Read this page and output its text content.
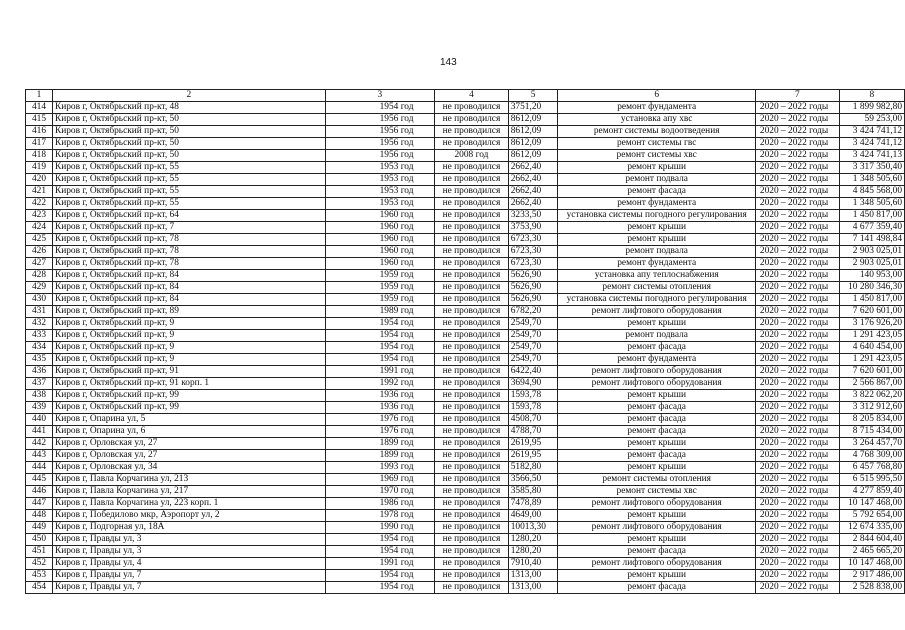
143
1	2	3	4	5	6	7	8
414	Киров г, Октябрьский пр-кт, 48	1954 год	не проводился	3751,20	ремонт фундамента	2020 – 2022 годы	1 899 982,80
415	Киров г, Октябрьский пр-кт, 50	1956 год	не проводился	8612,09	установка апу хвс	2020 – 2022 годы	59 253,00
416	Киров г, Октябрьский пр-кт, 50	1956 год	не проводился	8612,09	ремонт системы водоотведения	2020 – 2022 годы	3 424 741,12
417	Киров г, Октябрьский пр-кт, 50	1956 год	не проводился	8612,09	ремонт системы гвс	2020 – 2022 годы	3 424 741,12
418	Киров г, Октябрьский пр-кт, 50	1956 год	2008 год	8612,09	ремонт системы хвс	2020 – 2022 годы	3 424 741,13
419	Киров г, Октябрьский пр-кт, 55	1953 год	не проводился	2662,40	ремонт крыши	2020 – 2022 годы	3 317 350,40
420	Киров г, Октябрьский пр-кт, 55	1953 год	не проводился	2662,40	ремонт подвала	2020 – 2022 годы	1 348 505,60
421	Киров г, Октябрьский пр-кт, 55	1953 год	не проводился	2662,40	ремонт фасада	2020 – 2022 годы	4 845 568,00
422	Киров г, Октябрьский пр-кт, 55	1953 год	не проводился	2662,40	ремонт фундамента	2020 – 2022 годы	1 348 505,60
423	Киров г, Октябрьский пр-кт, 64	1960 год	не проводился	3233,50	установка системы погодного регулирования	2020 – 2022 годы	1 450 817,00
424	Киров г, Октябрьский пр-кт, 7	1960 год	не проводился	3753,90	ремонт крыши	2020 – 2022 годы	4 677 359,40
425	Киров г, Октябрьский пр-кт, 78	1960 год	не проводился	6723,30	ремонт крыши	2020 – 2022 годы	7 141 498,84
426	Киров г, Октябрьский пр-кт, 78	1960 год	не проводился	6723,30	ремонт подвала	2020 – 2022 годы	2 903 025,01
427	Киров г, Октябрьский пр-кт, 78	1960 год	не проводился	6723,30	ремонт фундамента	2020 – 2022 годы	2 903 025,01
428	Киров г, Октябрьский пр-кт, 84	1959 год	не проводился	5626,90	установка апу теплоснабжения	2020 – 2022 годы	140 953,00
429	Киров г, Октябрьский пр-кт, 84	1959 год	не проводился	5626,90	ремонт системы отопления	2020 – 2022 годы	10 280 346,30
430	Киров г, Октябрьский пр-кт, 84	1959 год	не проводился	5626,90	установка системы погодного регулирования	2020 – 2022 годы	1 450 817,00
431	Киров г, Октябрьский пр-кт, 89	1989 год	не проводился	6782,20	ремонт лифтового оборудования	2020 – 2022 годы	7 620 601,00
432	Киров г, Октябрьский пр-кт, 9	1954 год	не проводился	2549,70	ремонт крыши	2020 – 2022 годы	3 176 926,20
433	Киров г, Октябрьский пр-кт, 9	1954 год	не проводился	2549,70	ремонт подвала	2020 – 2022 годы	1 291 423,05
434	Киров г, Октябрьский пр-кт, 9	1954 год	не проводился	2549,70	ремонт фасада	2020 – 2022 годы	4 640 454,00
435	Киров г, Октябрьский пр-кт, 9	1954 год	не проводился	2549,70	ремонт фундамента	2020 – 2022 годы	1 291 423,05
436	Киров г, Октябрьский пр-кт, 91	1991 год	не проводился	6422,40	ремонт лифтового оборудования	2020 – 2022 годы	7 620 601,00
437	Киров г, Октябрьский пр-кт, 91 корп. 1	1992 год	не проводился	3694,90	ремонт лифтового оборудования	2020 – 2022 годы	2 566 867,00
438	Киров г, Октябрьский пр-кт, 99	1936 год	не проводился	1593,78	ремонт крыши	2020 – 2022 годы	3 822 062,20
439	Киров г, Октябрьский пр-кт, 99	1936 год	не проводился	1593,78	ремонт фасада	2020 – 2022 годы	3 312 912,60
440	Киров г, Опарина ул, 5	1976 год	не проводился	4508,70	ремонт фасада	2020 – 2022 годы	8 205 834,00
441	Киров г, Опарина ул, 6	1976 год	не проводился	4788,70	ремонт фасада	2020 – 2022 годы	8 715 434,00
442	Киров г, Орловская ул, 27	1899 год	не проводился	2619,95	ремонт крыши	2020 – 2022 годы	3 264 457,70
443	Киров г, Орловская ул, 27	1899 год	не проводился	2619,95	ремонт фасада	2020 – 2022 годы	4 768 309,00
444	Киров г, Орловская ул, 34	1993 год	не проводился	5182,80	ремонт крыши	2020 – 2022 годы	6 457 768,80
445	Киров г, Павла Корчагина ул, 213	1969 год	не проводился	3566,50	ремонт системы отопления	2020 – 2022 годы	6 515 995,50
446	Киров г, Павла Корчагина ул, 217	1970 год	не проводился	3585,80	ремонт системы хвс	2020 – 2022 годы	4 277 859,40
447	Киров г, Павла Корчагина ул, 223 корп. 1	1986 год	не проводился	7478,89	ремонт лифтового оборудования	2020 – 2022 годы	10 147 468,00
448	Киров г, Победилово мкр, Аэропорт ул, 2	1978 год	не проводился	4649,00	ремонт крыши	2020 – 2022 годы	5 792 654,00
449	Киров г, Подгорная ул, 18А	1990 год	не проводился	10013,30	ремонт лифтового оборудования	2020 – 2022 годы	12 674 335,00
450	Киров г, Правды ул, 3	1954 год	не проводился	1280,20	ремонт крыши	2020 – 2022 годы	2 844 604,40
451	Киров г, Правды ул, 3	1954 год	не проводился	1280,20	ремонт фасада	2020 – 2022 годы	2 465 665,20
452	Киров г, Правды ул, 4	1991 год	не проводился	7910,40	ремонт лифтового оборудования	2020 – 2022 годы	10 147 468,00
453	Киров г, Правды ул, 7	1954 год	не проводился	1313,00	ремонт крыши	2020 – 2022 годы	2 917 486,00
454	Киров г, Правды ул, 7	1954 год	не проводился	1313,00	ремонт фасада	2020 – 2022 годы	2 528 838,00
